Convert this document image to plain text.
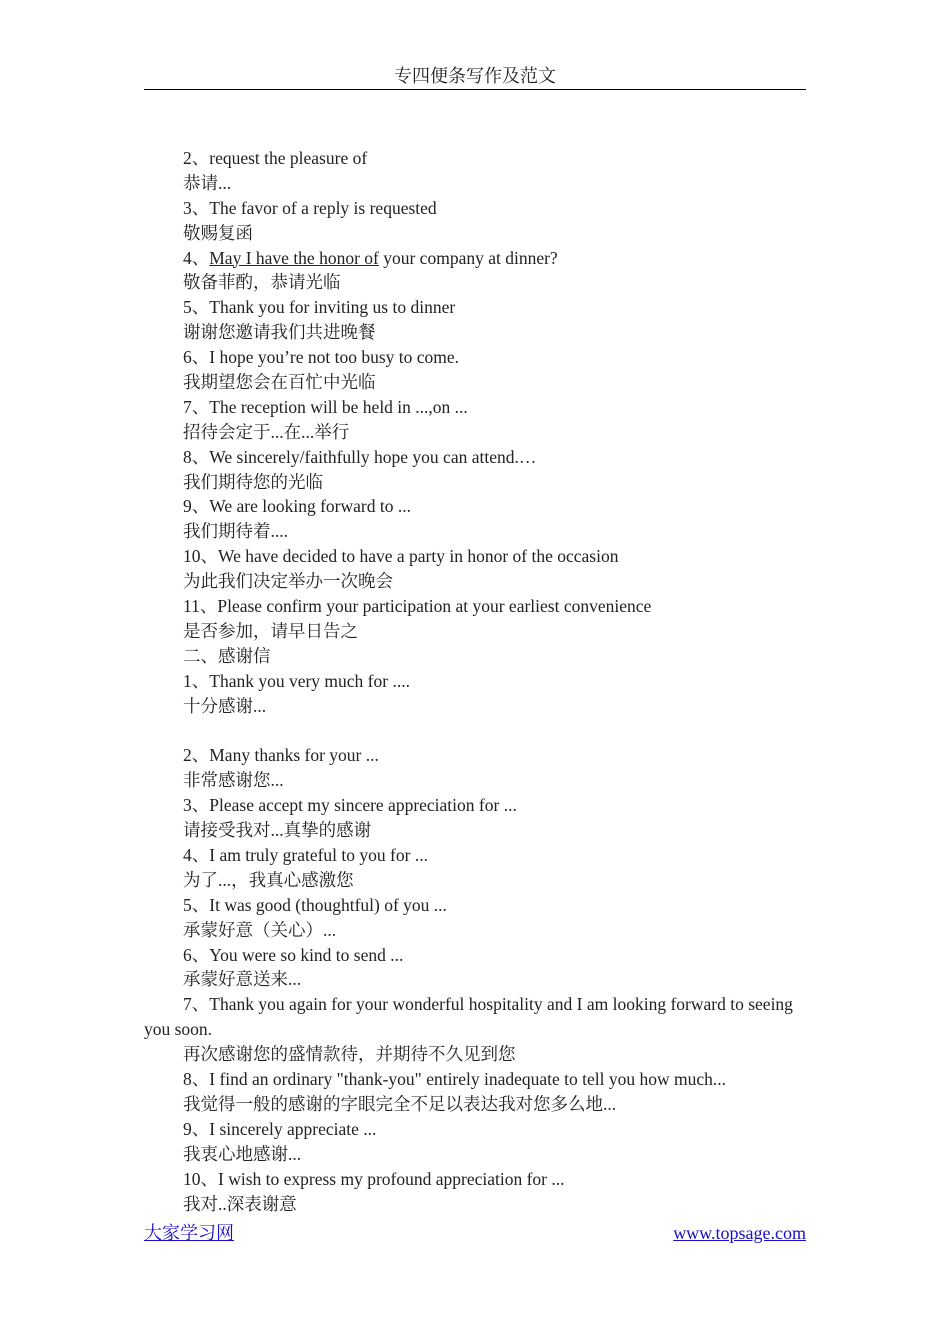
专四便条写作及范文
2、request the pleasure of
恭请...
3、The favor of a reply is requested
敬赐复函
4、May I have the honor of your company at dinner?
敬备菲酌，恭请光临
5、Thank you for inviting us to dinner
谢谢您邀请我们共进晚餐
6、I hope you’re not too busy to come.
我期望您会在百忙中光临
7、The reception will be held in ...,on ...
招待会定于...在...举行
8、We sincerely/faithfully hope you can attend.…
我们期待您的光临
9、We are looking forward to ...
我们期待着....
10、We have decided to have a party in honor of the occasion
为此我们决定举办一次晚会
11、Please confirm your participation at your earliest convenience
是否参加，请早日告之
二、感谢信
1、Thank you very much for ....
十分感谢...
2、Many thanks for your ...
非常感谢您...
3、Please accept my sincere appreciation for ...
请接受我对...真挚的感谢
4、I am truly grateful to you for ...
为了...，我真心感激您
5、It was good (thoughtful) of you ...
承蒙好意（关心）...
6、You were so kind to send ...
承蒙好意送来...
7、Thank you again for your wonderful hospitality and I am looking forward to seeing you soon.
再次感谢您的盛情款待，并期待不久见到您
8、I find an ordinary "thank-you" entirely inadequate to tell you how much...
我觉得一般的感谢的字眼完全不足以表达我对您多么地...
9、I sincerely appreciate ...
我衷心地感谢...
10、I wish to express my profound appreciation for ...
我对..深表谢意
大家学习网	www.topsage.com
